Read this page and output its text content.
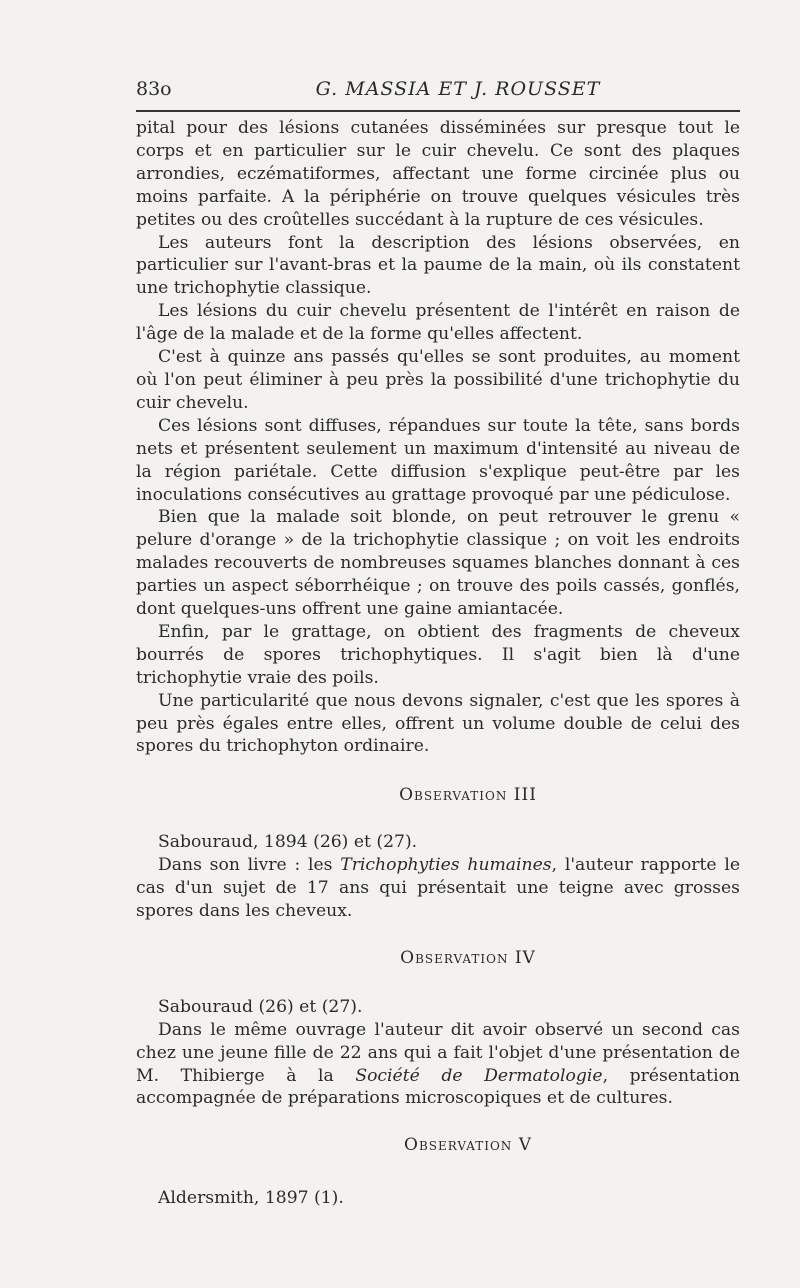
83o	G. MASSIA ET J. ROUSSET

pital pour des lésions cutanées disséminées sur presque tout le corps et en particulier sur le cuir chevelu. Ce sont des plaques arrondies, eczématiformes, affectant une forme circinée plus ou moins parfaite. A la périphérie on trouve quelques vésicules très petites ou des croûtelles succédant à la rupture de ces vésicules.

Les auteurs font la description des lésions observées, en particulier sur l'avant-bras et la paume de la main, où ils constatent une trichophytie classique.

Les lésions du cuir chevelu présentent de l'intérêt en raison de l'âge de la malade et de la forme qu'elles affectent.

C'est à quinze ans passés qu'elles se sont produites, au moment où l'on peut éliminer à peu près la possibilité d'une trichophytie du cuir chevelu.

Ces lésions sont diffuses, répandues sur toute la tête, sans bords nets et présentent seulement un maximum d'intensité au niveau de la région pariétale. Cette diffusion s'explique peut-être par les inoculations consécutives au grattage provoqué par une pédiculose.

Bien que la malade soit blonde, on peut retrouver le grenu « pelure d'orange » de la trichophytie classique ; on voit les endroits malades recouverts de nombreuses squames blanches donnant à ces parties un aspect séborrhéique ; on trouve des poils cassés, gonflés, dont quelques-uns offrent une gaine amiantacée.

Enfin, par le grattage, on obtient des fragments de cheveux bourrés de spores trichophytiques. Il s'agit bien là d'une trichophytie vraie des poils.

Une particularité que nous devons signaler, c'est que les spores à peu près égales entre elles, offrent un volume double de celui des spores du trichophyton ordinaire.

Observation III

Sabouraud, 1894 (26) et (27).

Dans son livre : les Trichophyties humaines, l'auteur rapporte le cas d'un sujet de 17 ans qui présentait une teigne avec grosses spores dans les cheveux.

Observation IV

Sabouraud (26) et (27).

Dans le même ouvrage l'auteur dit avoir observé un second cas chez une jeune fille de 22 ans qui a fait l'objet d'une présentation de M. Thibierge à la Société de Dermatologie, présentation accompagnée de préparations microscopiques et de cultures.

Observation V

Aldersmith, 1897 (1).
